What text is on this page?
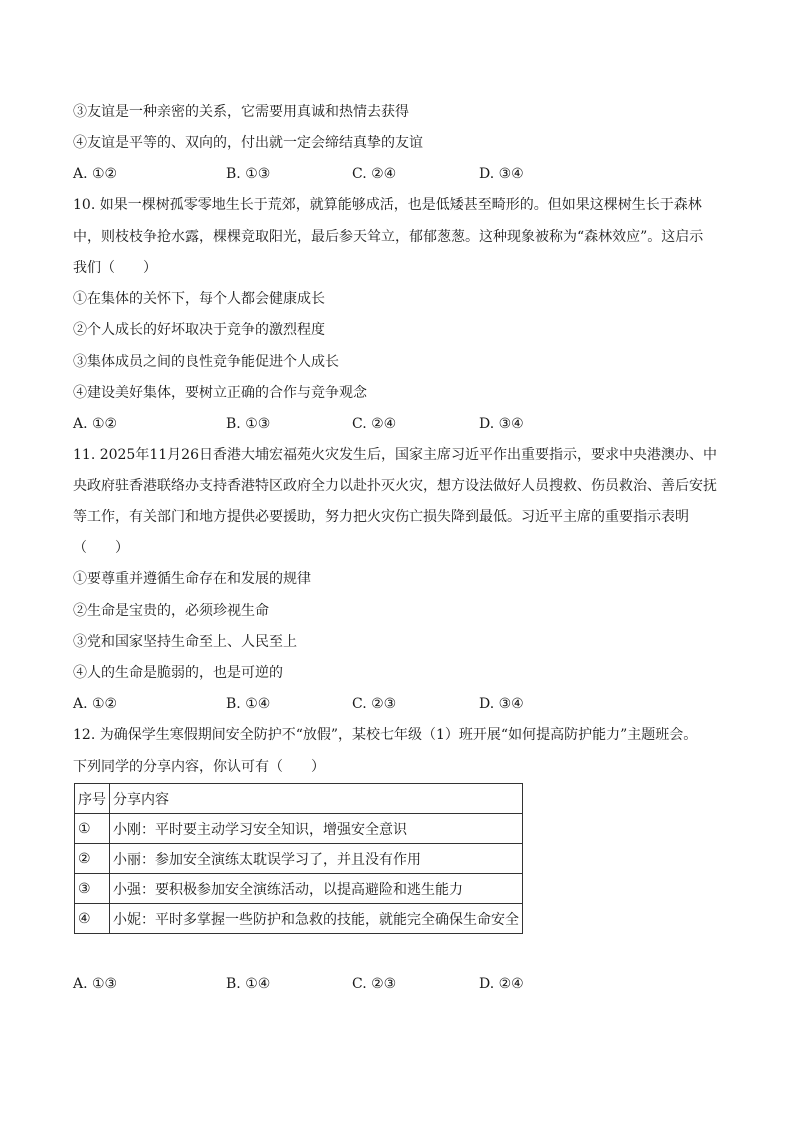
③友谊是一种亲密的关系，它需要用真诚和热情去获得
④友谊是平等的、双向的，付出就一定会缔结真挚的友谊
A. ①②	B. ①③	C. ②④	D. ③④
10. 如果一棵树孤零零地生长于荒郊，就算能够成活，也是低矮甚至畸形的。但如果这棵树生长于森林
中，则枝枝争抢水露，棵棵竞取阳光，最后参天耸立，郁郁葱葱。这种现象被称为“森林效应”。这启示
我们（　　）
①在集体的关怀下，每个人都会健康成长
②个人成长的好坏取决于竞争的激烈程度
③集体成员之间的良性竞争能促进个人成长
④建设美好集体，要树立正确的合作与竞争观念
A. ①②	B. ①③	C. ②④	D. ③④
11. 2025年11月26日香港大埔宏福苑火灾发生后，国家主席习近平作出重要指示，要求中央港澳办、中
央政府驻香港联络办支持香港特区政府全力以赴扑灭火灾，想方设法做好人员搜救、伤员救治、善后安抚
等工作，有关部门和地方提供必要援助，努力把火灾伤亡损失降到最低。习近平主席的重要指示表明
（　　）
①要尊重并遵循生命存在和发展的规律
②生命是宝贵的，必须珍视生命
③党和国家坚持生命至上、人民至上
④人的生命是脆弱的，也是可逆的
A. ①②	B. ①④	C. ②③	D. ③④
12. 为确保学生寒假期间安全防护不“放假”，某校七年级（1）班开展“如何提高防护能力”主题班会。
下列同学的分享内容，你认可有（　　）
序号	分享内容
①	小刚：平时要主动学习安全知识，增强安全意识
②	小丽：参加安全演练太耽误学习了，并且没有作用
③	小强：要积极参加安全演练活动，以提高避险和逃生能力
④	小妮：平时多掌握一些防护和急救的技能，就能完全确保生命安全
A. ①③	B. ①④	C. ②③	D. ②④
